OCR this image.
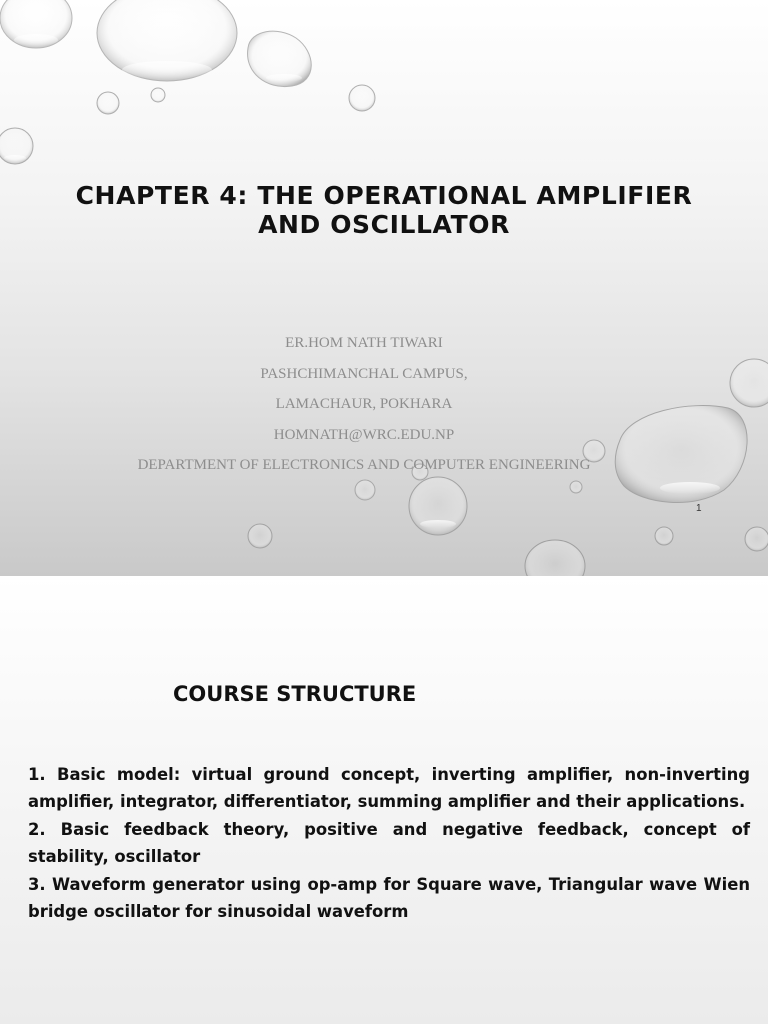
CHAPTER 4: THE OPERATIONAL AMPLIFIER
AND OSCILLATOR
ER.HOM NATH TIWARI
PASHCHIMANCHAL CAMPUS,
LAMACHAUR, POKHARA
HOMNATH@WRC.EDU.NP
DEPARTMENT OF ELECTRONICS AND COMPUTER ENGINEERING
1
COURSE STRUCTURE
1. Basic model: virtual ground concept, inverting amplifier, non-inverting amplifier, integrator, differentiator, summing amplifier and their applications.
2. Basic feedback theory, positive and negative feedback, concept of stability, oscillator
3. Waveform generator using op-amp for Square wave, Triangular wave Wien bridge oscillator for sinusoidal waveform
